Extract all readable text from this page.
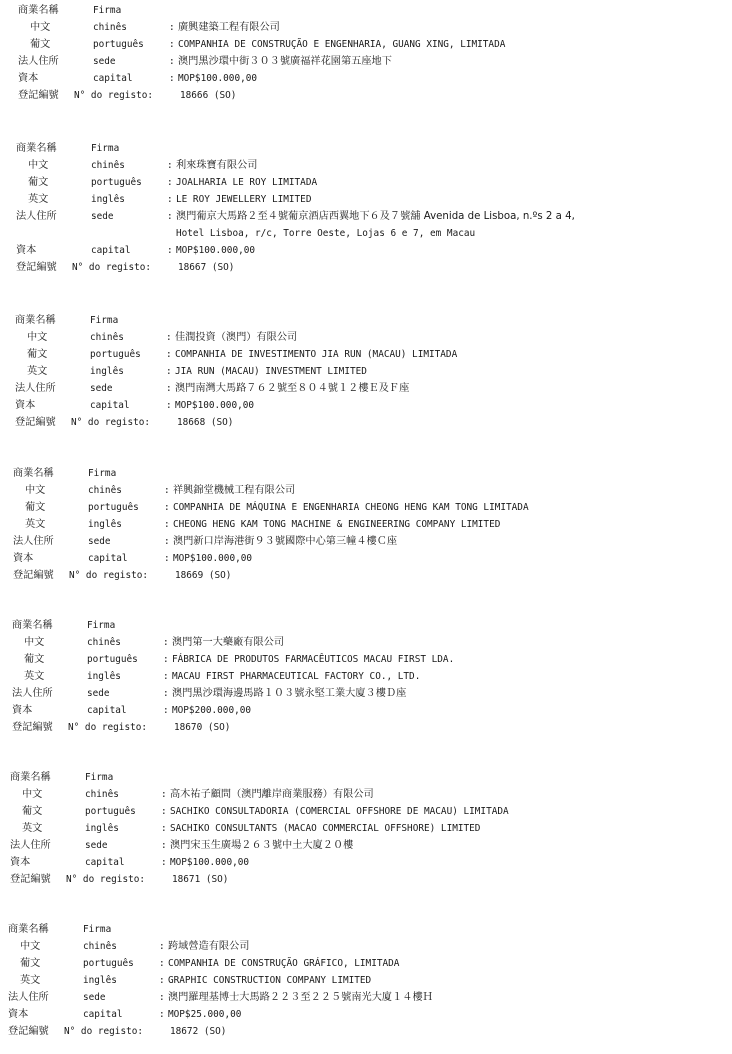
商業名稱	Firma
中文	chinês	: 廣興建築工程有限公司
葡文	português	: COMPANHIA DE CONSTRUÇÃO E ENGENHARIA, GUANG XING, LIMITADA
法人住所	sede	: 澳門黑沙環中街３０３號廣福祥花園第五座地下
資本	capital	: MOP$100.000,00
登記編號 N° do registo:	18666 (SO)
商業名稱	Firma
中文	chinês	: 利來珠寶有限公司
葡文	português	: JOALHARIA LE ROY LIMITADA
英文	inglês	: LE ROY JEWELLERY LIMITED
法人住所	sede	: 澳門葡京大馬路２至４號葡京酒店西翼地下６及７號舖 Avenida de Lisboa, n.ºs 2 a 4,
Hotel Lisboa, r/c, Torre Oeste, Lojas 6 e 7, em Macau
資本	capital	: MOP$100.000,00
登記編號 N° do registo:	18667 (SO)
商業名稱	Firma
中文	chinês	: 佳潤投資（澳門）有限公司
葡文	português	: COMPANHIA DE INVESTIMENTO JIA RUN (MACAU) LIMITADA
英文	inglês	: JIA RUN (MACAU) INVESTMENT LIMITED
法人住所	sede	: 澳門南灣大馬路７６２號至８０４號１２樓Ｅ及Ｆ座
資本	capital	: MOP$100.000,00
登記編號 N° do registo:	18668 (SO)
商業名稱	Firma
中文	chinês	: 祥興錦堂機械工程有限公司
葡文	português	: COMPANHIA DE MÁQUINA E ENGENHARIA CHEONG HENG KAM TONG LIMITADA
英文	inglês	: CHEONG HENG KAM TONG MACHINE & ENGINEERING COMPANY LIMITED
法人住所	sede	: 澳門新口岸海港街９３號國際中心第三幢４樓Ｃ座
資本	capital	: MOP$100.000,00
登記編號 N° do registo:	18669 (SO)
商業名稱	Firma
中文	chinês	: 澳門第一大藥廠有限公司
葡文	português	: FÁBRICA DE PRODUTOS FARMACÊUTICOS MACAU FIRST LDA.
英文	inglês	: MACAU FIRST PHARMACEUTICAL FACTORY CO., LTD.
法人住所	sede	: 澳門黑沙環海邊馬路１０３號永堅工業大廈３樓Ｄ座
資本	capital	: MOP$200.000,00
登記編號 N° do registo:	18670 (SO)
商業名稱	Firma
中文	chinês	: 高木祐子顧問（澳門離岸商業服務）有限公司
葡文	português	: SACHIKO CONSULTADORIA (COMERCIAL OFFSHORE DE MACAU) LIMITADA
英文	inglês	: SACHIKO CONSULTANTS (MACAO COMMERCIAL OFFSHORE) LIMITED
法人住所	sede	: 澳門宋玉生廣場２６３號中土大廈２０樓
資本	capital	: MOP$100.000,00
登記編號 N° do registo:	18671 (SO)
商業名稱	Firma
中文	chinês	: 跨域營造有限公司
葡文	português	: COMPANHIA DE CONSTRUÇÃO GRÁFICO, LIMITADA
英文	inglês	: GRAPHIC CONSTRUCTION COMPANY LIMITED
法人住所	sede	: 澳門羅理基博士大馬路２２３至２２５號南光大廈１４樓Ｈ
資本	capital	: MOP$25.000,00
登記編號 N° do registo:	18672 (SO)
